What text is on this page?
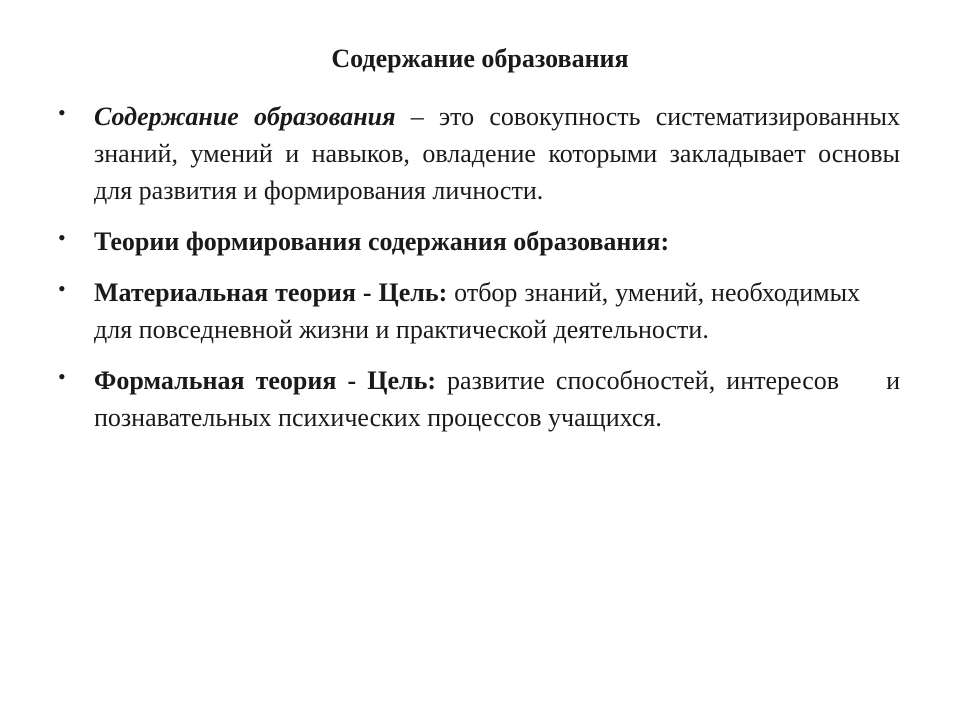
Содержание образования
•	Содержание образования – это совокупность систематизированных знаний, умений и навыков, овладение которыми закладывает основы для развития и формирования личности.
•	Теории формирования содержания образования:
•	Материальная теория - Цель: отбор знаний, умений, необходимых для повседневной жизни и практической деятельности.
•	Формальная теория - Цель: развитие способностей, интересов и познавательных психических процессов учащихся.
